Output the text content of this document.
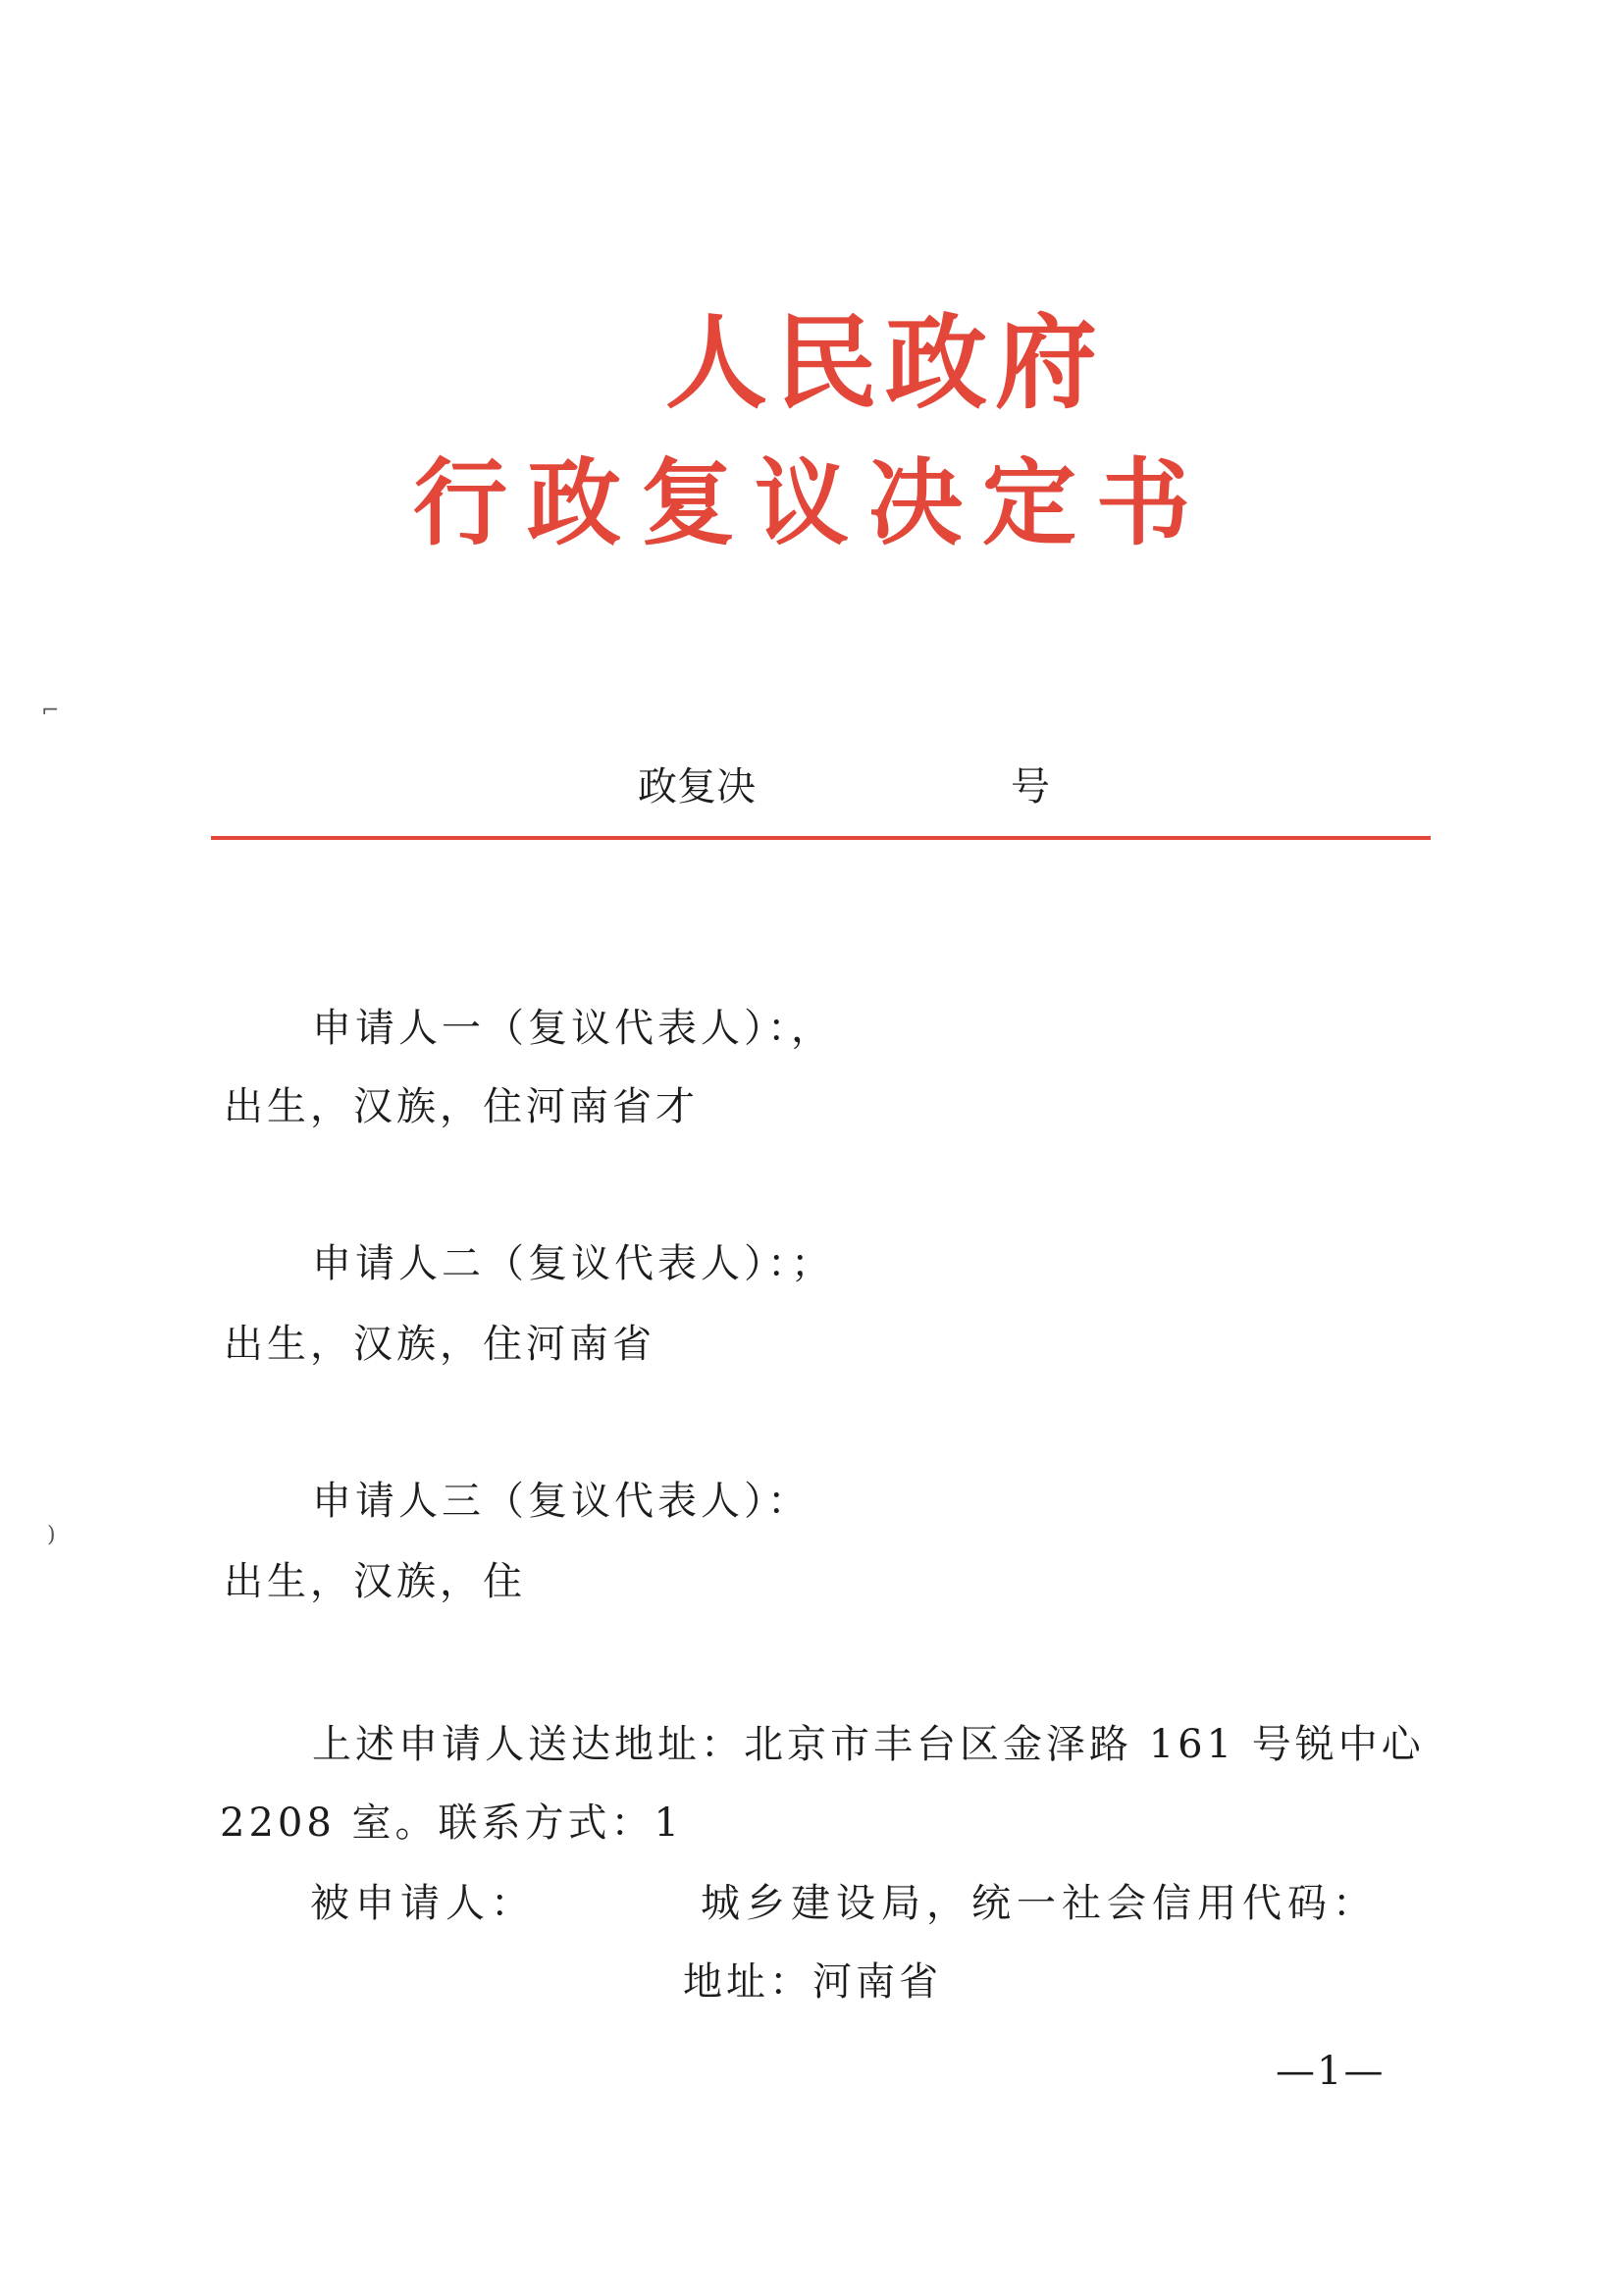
人民政府
行政复议决定书
政复决	号
申请人一（复议代表人）：，
出生，汉族，住河南省才
申请人二（复议代表人）：；
出生，汉族，住河南省
申请人三（复议代表人）：
出生，汉族，住
上述申请人送达地址：北京市丰台区金泽路 161 号锐中心
2208 室。联系方式：1
被申请人：	城乡建设局，统一社会信用代码：
地址：河南省
—1—
⌐
)
